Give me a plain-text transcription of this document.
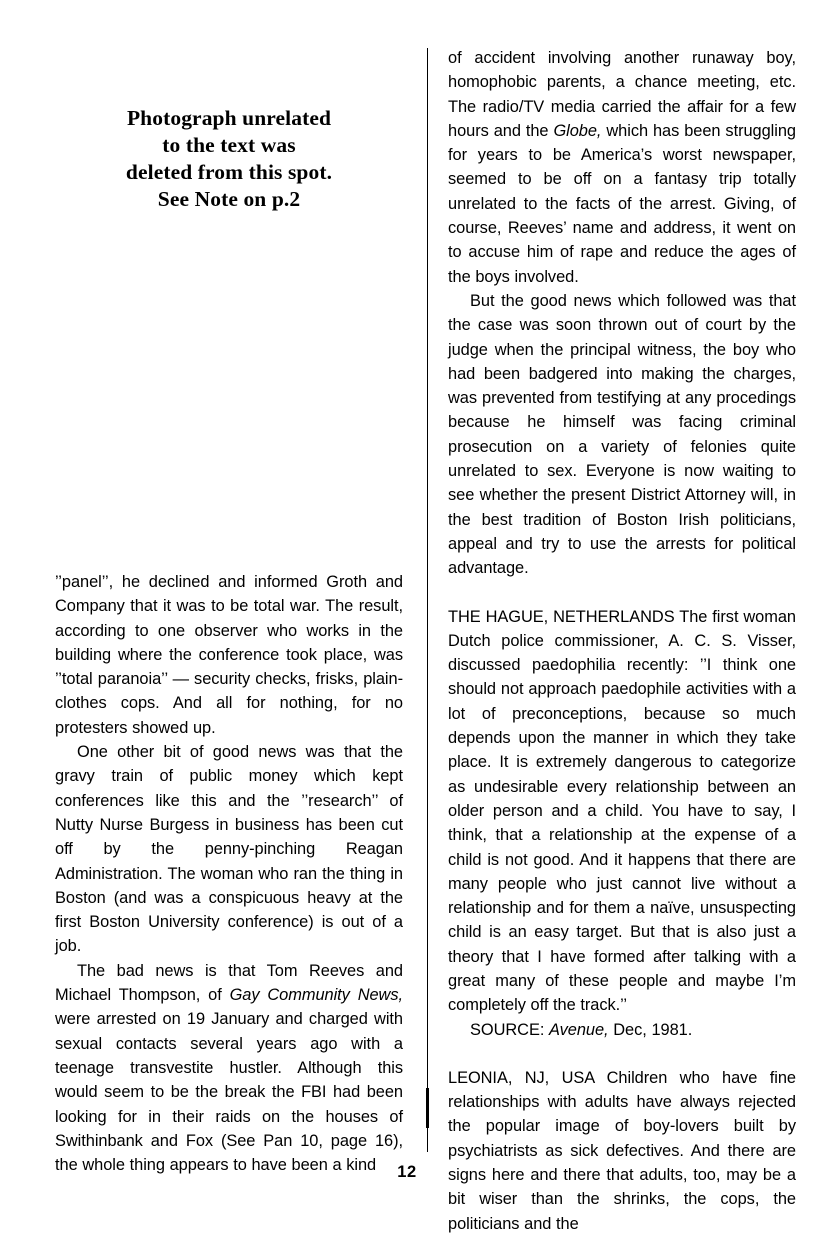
Photograph unrelated
to the text was
deleted from this spot.
See Note on p.2

’’panel’’, he declined and informed Groth and Company that it was to be total war. The result, according to one observer who works in the building where the conference took place, was ’’total paranoia’’ — security checks, frisks, plain-clothes cops. And all for nothing, for no protesters showed up.

One other bit of good news was that the gravy train of public money which kept conferences like this and the ’’research’’ of Nutty Nurse Burgess in business has been cut off by the penny-pinching Reagan Administration. The woman who ran the thing in Boston (and was a conspicuous heavy at the first Boston University conference) is out of a job.

The bad news is that Tom Reeves and Michael Thompson, of Gay Community News, were arrested on 19 January and charged with sexual contacts several years ago with a teenage transvestite hustler. Although this would seem to be the break the FBI had been looking for in their raids on the houses of Swithinbank and Fox (See Pan 10, page 16), the whole thing appears to have been a kind

of accident involving another runaway boy, homophobic parents, a chance meeting, etc. The radio/TV media carried the affair for a few hours and the Globe, which has been struggling for years to be America’s worst newspaper, seemed to be off on a fantasy trip totally unrelated to the facts of the arrest. Giving, of course, Reeves’ name and address, it went on to accuse him of rape and reduce the ages of the boys involved.

But the good news which followed was that the case was soon thrown out of court by the judge when the principal witness, the boy who had been badgered into making the charges, was prevented from testifying at any procedings because he himself was facing criminal prosecution on a variety of felonies quite unrelated to sex. Everyone is now waiting to see whether the present District Attorney will, in the best tradition of Boston Irish politicians, appeal and try to use the arrests for political advantage.

THE HAGUE, NETHERLANDS The first woman Dutch police commissioner, A. C. S. Visser, discussed paedophilia recently: ’’I think one should not approach paedophile activities with a lot of preconceptions, because so much depends upon the manner in which they take place. It is extremely dangerous to categorize as undesirable every relationship between an older person and a child. You have to say, I think, that a relationship at the expense of a child is not good. And it happens that there are many people who just cannot live without a relationship and for them a naïve, unsuspecting child is an easy target. But that is also just a theory that I have formed after talking with a great many of these people and maybe I’m completely off the track.’’

SOURCE: Avenue, Dec, 1981.

LEONIA, NJ, USA Children who have fine relationships with adults have always rejected the popular image of boy-lovers built by psychiatrists as sick defectives. And there are signs here and there that adults, too, may be a bit wiser than the shrinks, the cops, the politicians and the

12
